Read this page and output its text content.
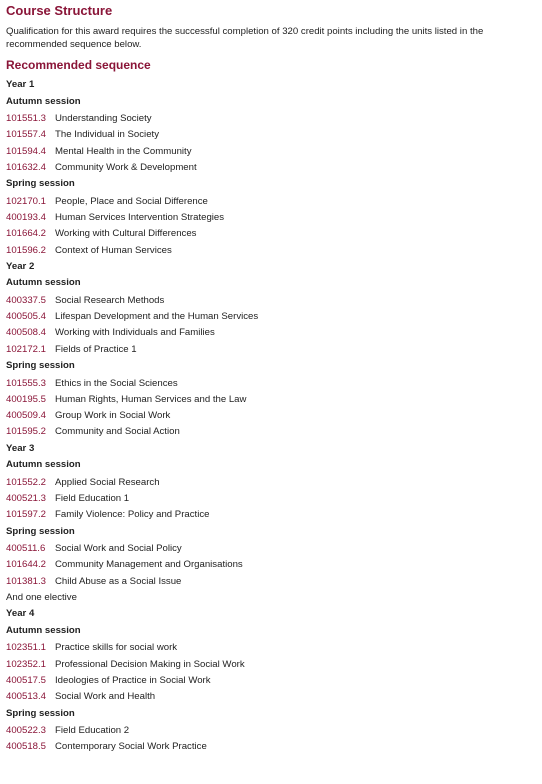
Course Structure
Qualification for this award requires the successful completion of 320 credit points including the units listed in the recommended sequence below.
Recommended sequence
Year 1
Autumn session
101551.3 Understanding Society
101557.4 The Individual in Society
101594.4 Mental Health in the Community
101632.4 Community Work & Development
Spring session
102170.1 People, Place and Social Difference
400193.4 Human Services Intervention Strategies
101664.2 Working with Cultural Differences
101596.2 Context of Human Services
Year 2
Autumn session
400337.5 Social Research Methods
400505.4 Lifespan Development and the Human Services
400508.4 Working with Individuals and Families
102172.1 Fields of Practice 1
Spring session
101555.3 Ethics in the Social Sciences
400195.5 Human Rights, Human Services and the Law
400509.4 Group Work in Social Work
101595.2 Community and Social Action
Year 3
Autumn session
101552.2 Applied Social Research
400521.3 Field Education 1
101597.2 Family Violence: Policy and Practice
Spring session
400511.6 Social Work and Social Policy
101644.2 Community Management and Organisations
101381.3 Child Abuse as a Social Issue
And one elective
Year 4
Autumn session
102351.1 Practice skills for social work
102352.1 Professional Decision Making in Social Work
400517.5 Ideologies of Practice in Social Work
400513.4 Social Work and Health
Spring session
400522.3 Field Education 2
400518.5 Contemporary Social Work Practice
